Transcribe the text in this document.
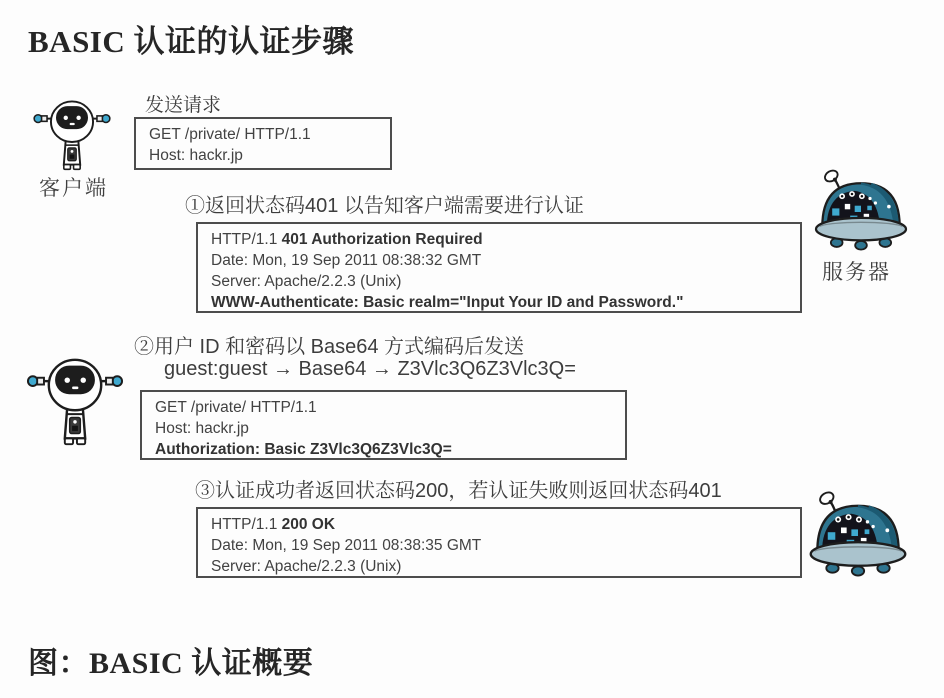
BASIC 认证的认证步骤
客户端
发送请求
GET /private/ HTTP/1.1
Host: hackr.jp
①返回状态码401 以告知客户端需要进行认证
HTTP/1.1 401 Authorization Required
Date: Mon, 19 Sep 2011 08:38:32 GMT
Server: Apache/2.2.3 (Unix)
WWW-Authenticate: Basic realm="Input Your ID and Password."
服务器
②用户 ID 和密码以 Base64 方式编码后发送
guest:guest → Base64 → Z3Vlc3Q6Z3Vlc3Q=
GET /private/ HTTP/1.1
Host: hackr.jp
Authorization: Basic Z3Vlc3Q6Z3Vlc3Q=
③认证成功者返回状态码200，若认证失败则返回状态码401
HTTP/1.1 200 OK
Date: Mon, 19 Sep 2011 08:38:35 GMT
Server: Apache/2.2.3 (Unix)
图：BASIC 认证概要
